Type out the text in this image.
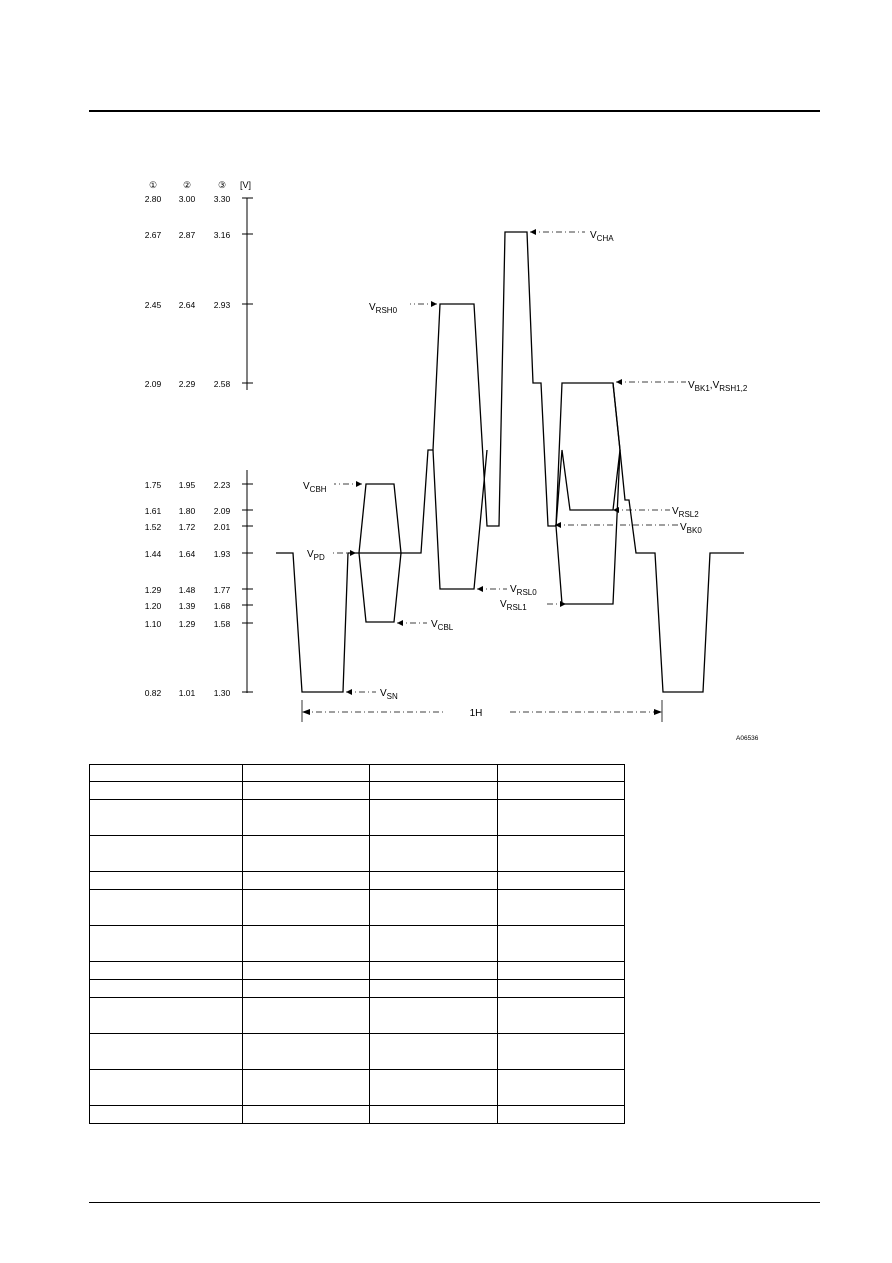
①	②	③ [V]
2.80 3.00 3.30
2.67 2.87 3.16
2.45 2.64 2.93
2.09 2.29 2.58
1.75 1.95 2.23
1.61 1.80 2.09
1.52 1.72 2.01
1.44 1.64 1.93
1.29 1.48 1.77
1.20 1.39 1.68
1.10 1.29 1.58
0.82 1.01 1.30
$V_{CHA}$
$V_{RSH0}$
$V_{BK1},V_{RSH1,2}$
$V_{CBH}$
$V_{RSL2}$
$V_{BK0}$
$V_{PD}$
$V_{RSL0}$
$V_{RSL1}$
$V_{CBL}$
$V_{SN}$
1H
A06536
